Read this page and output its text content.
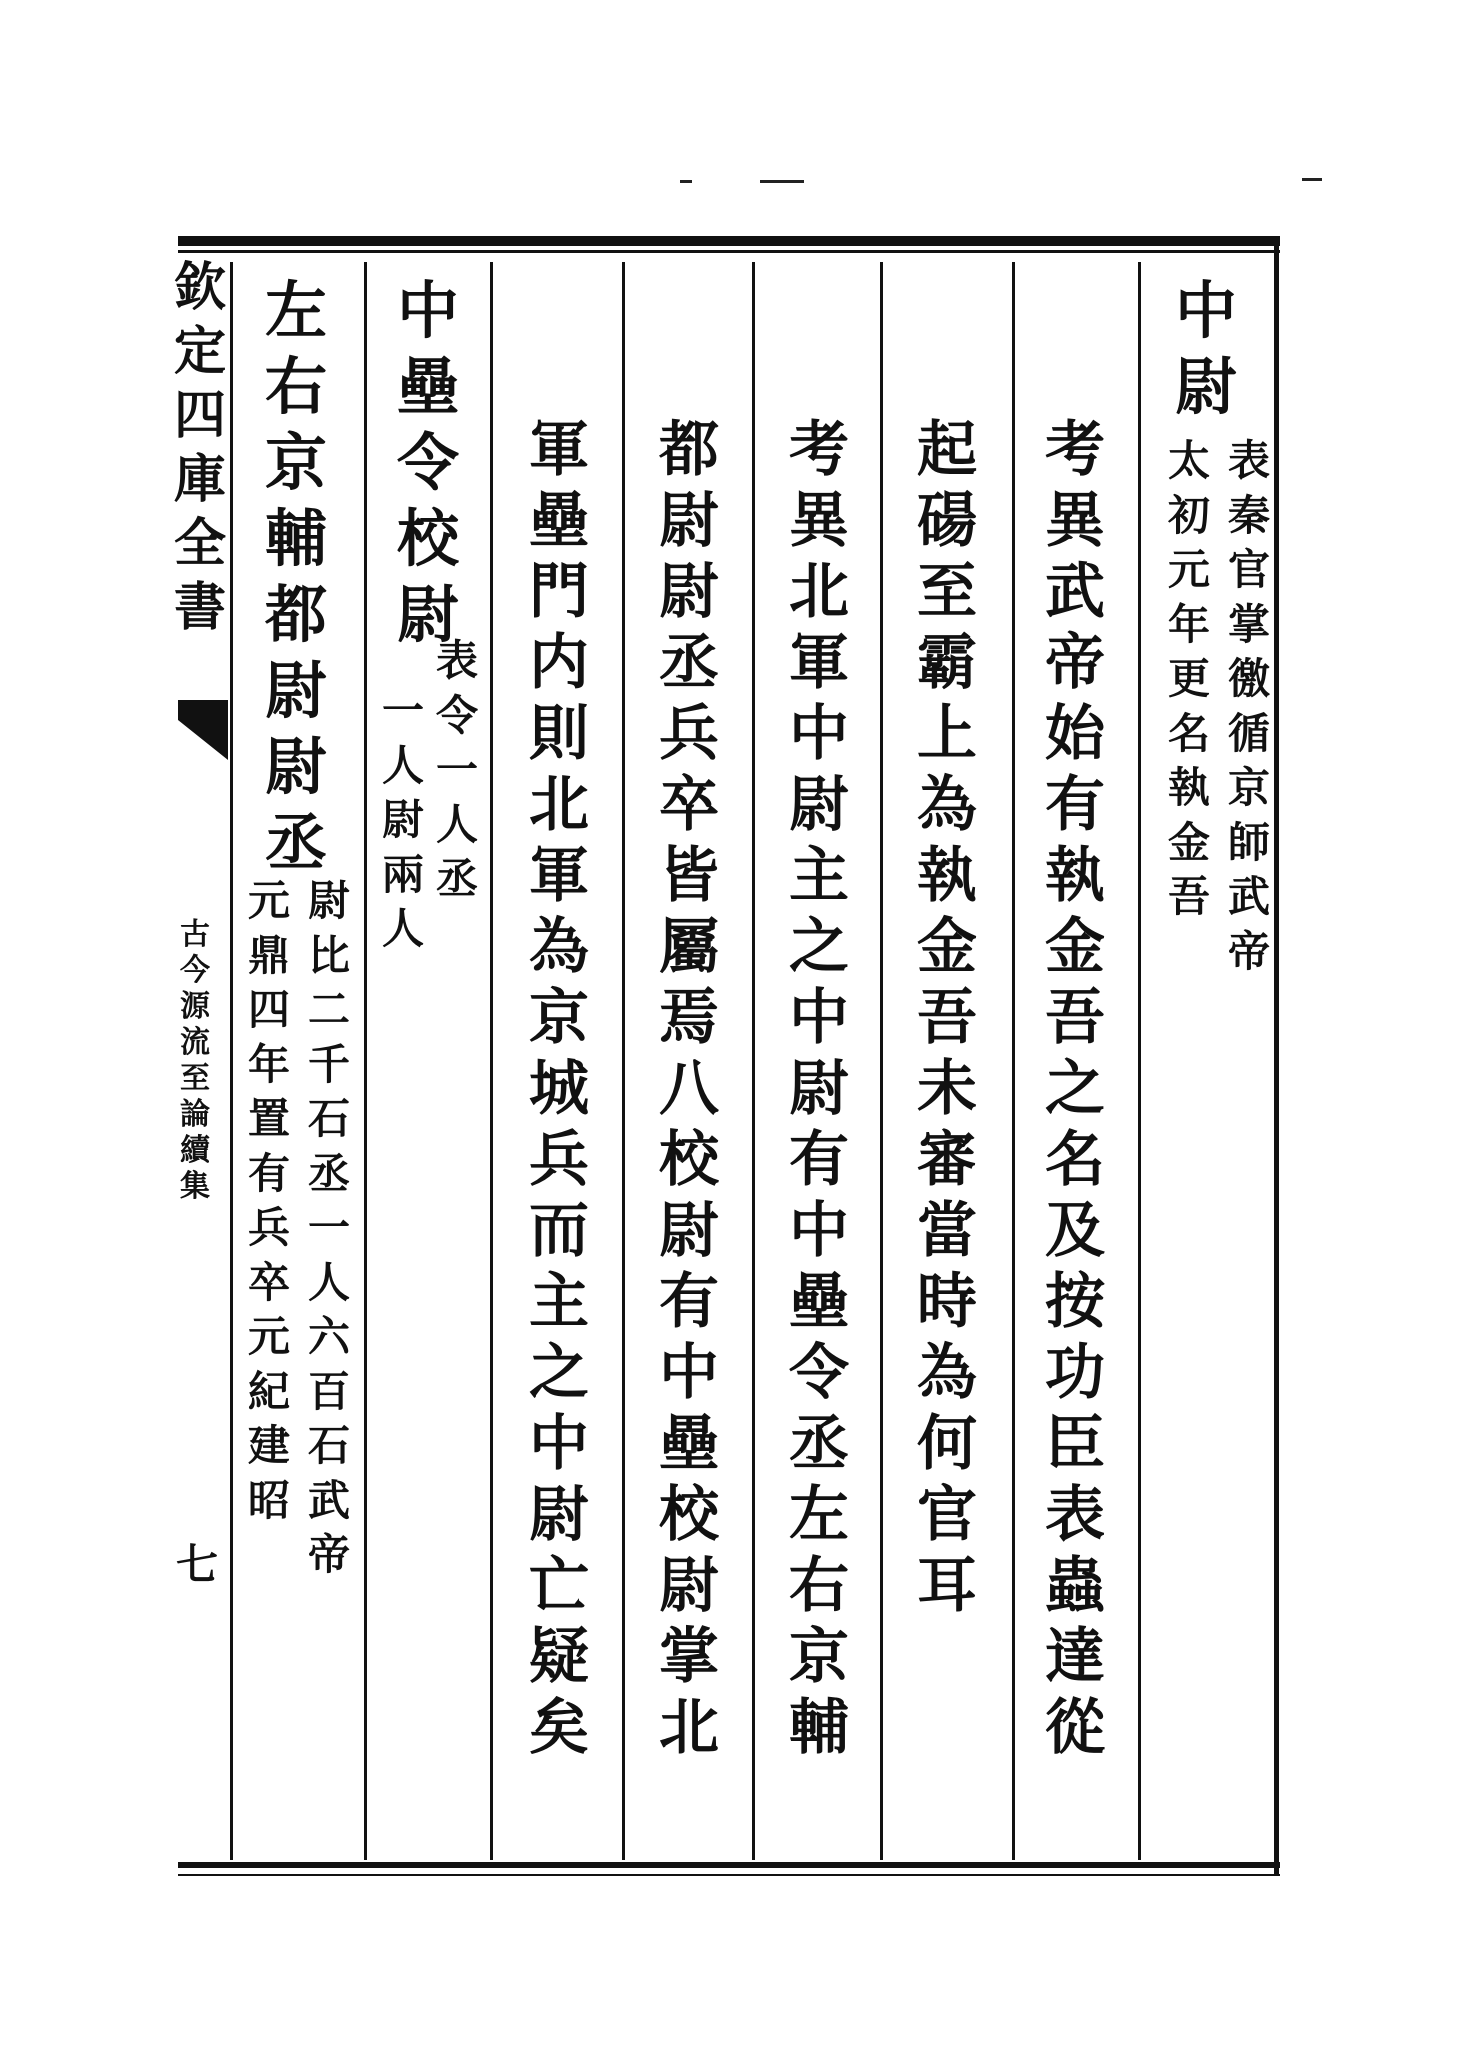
欽
定
四
庫
全
書
古
今
源
流
至
論
續
集
七
中
尉
表
秦
官
掌
徼
循
京
師
武
帝
太
初
元
年
更
名
執
金
吾
考
異
武
帝
始
有
執
金
吾
之
名
及
按
功
臣
表
蟲
達
從
起
碭
至
霸
上
為
執
金
吾
未
審
當
時
為
何
官
耳
考
異
北
軍
中
尉
主
之
中
尉
有
中
壘
令
丞
左
右
京
輔
都
尉
尉
丞
兵
卒
皆
屬
焉
八
校
尉
有
中
壘
校
尉
掌
北
軍
壘
門
内
則
北
軍
為
京
城
兵
而
主
之
中
尉
亡
疑
矣
中
壘
令
校
尉
表
令
一
人
丞
一
人
尉
兩
人
左
右
京
輔
都
尉
尉
丞
尉
比
二
千
石
丞
一
人
六
百
石
武
帝
元
鼎
四
年
置
有
兵
卒
元
紀
建
昭
